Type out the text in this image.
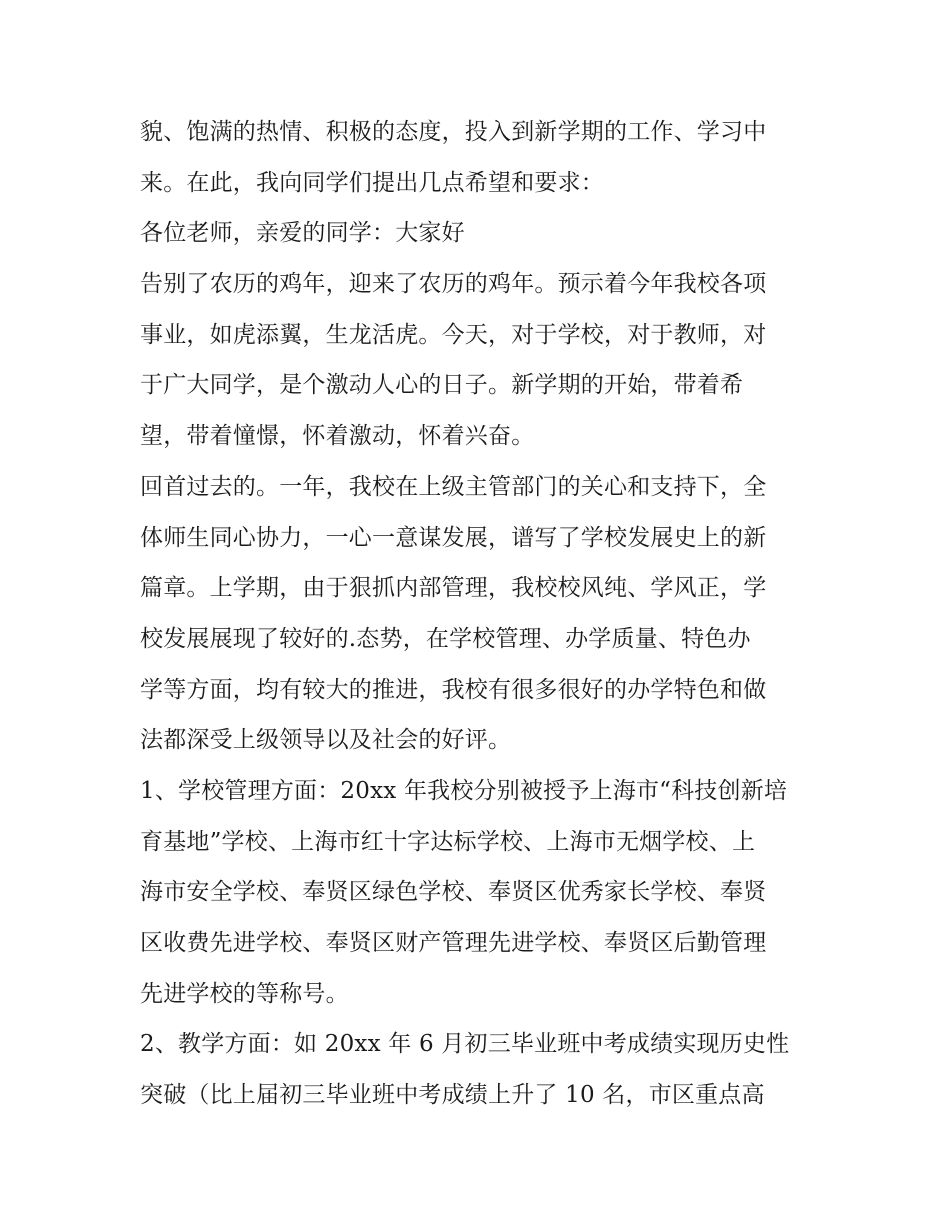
貌、饱满的热情、积极的态度，投入到新学期的工作、学习中
来。在此，我向同学们提出几点希望和要求：
各位老师，亲爱的同学：大家好
告别了农历的鸡年，迎来了农历的鸡年。预示着今年我校各项
事业，如虎添翼，生龙活虎。今天，对于学校，对于教师，对
于广大同学，是个激动人心的日子。新学期的开始，带着希
望，带着憧憬，怀着激动，怀着兴奋。
回首过去的。一年，我校在上级主管部门的关心和支持下，全
体师生同心协力，一心一意谋发展，谱写了学校发展史上的新
篇章。上学期，由于狠抓内部管理，我校校风纯、学风正，学
校发展展现了较好的.态势，在学校管理、办学质量、特色办
学等方面，均有较大的推进，我校有很多很好的办学特色和做
法都深受上级领导以及社会的好评。
1、学校管理方面：20xx 年我校分别被授予上海市“科技创新培
育基地”学校、上海市红十字达标学校、上海市无烟学校、上
海市安全学校、奉贤区绿色学校、奉贤区优秀家长学校、奉贤
区收费先进学校、奉贤区财产管理先进学校、奉贤区后勤管理
先进学校的等称号。
2、教学方面：如 20xx 年 6 月初三毕业班中考成绩实现历史性
突破（比上届初三毕业班中考成绩上升了 10 名，市区重点高
